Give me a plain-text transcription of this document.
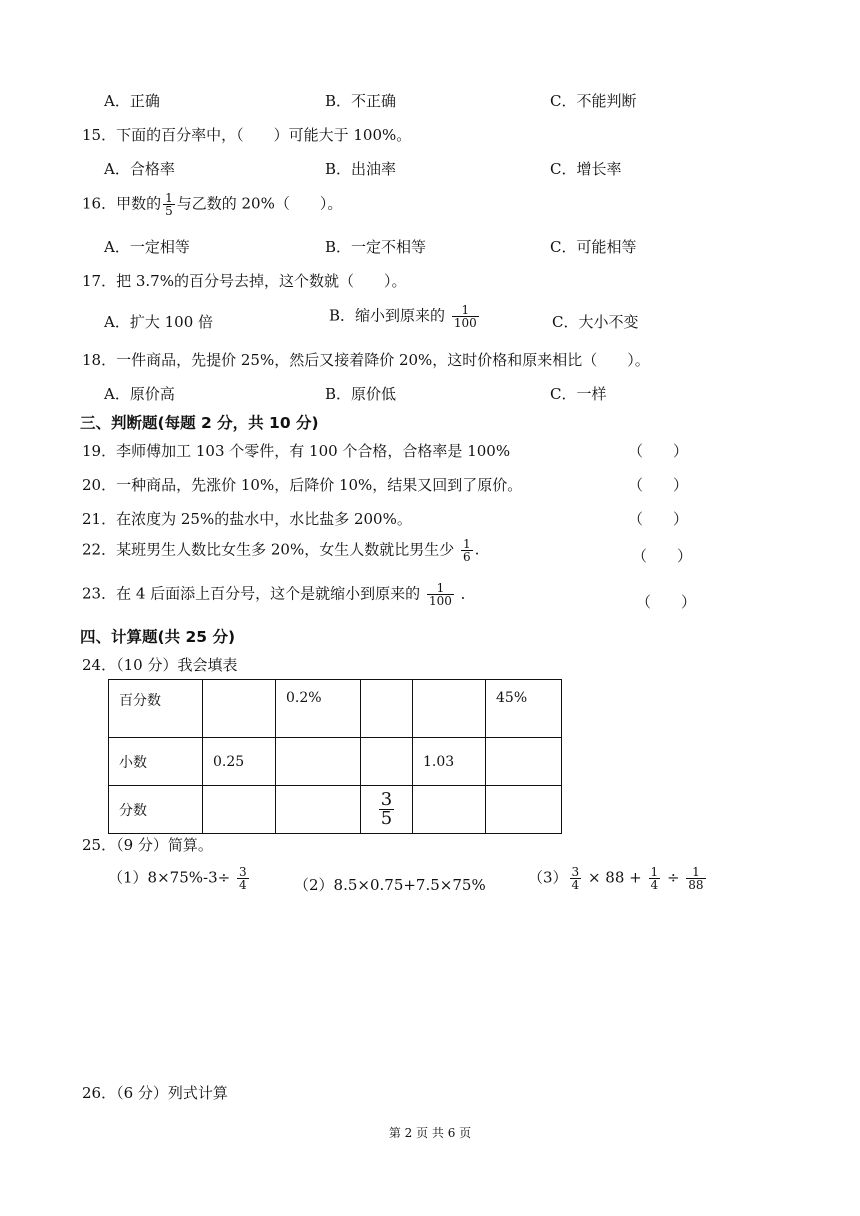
A．正确	B．不正确	C．不能判断
15．下面的百分率中，（　　）可能大于 100%。
A．合格率	B．出油率	C．增长率
16．甲数的 $\frac{1}{5}$ 与乙数的 20%（　　）。
A．一定相等	B．一定不相等	C．可能相等
17．把 3.7%的百分号去掉，这个数就（　　）。
A．扩大 100 倍	B．缩小到原来的 $\frac{1}{100}$	C．大小不变
18．一件商品，先提价 25%，然后又接着降价 20%，这时价格和原来相比（　　）。
A．原价高	B．原价低	C．一样
三、判断题(每题 2 分，共 10 分)
19．李师傅加工 103 个零件，有 100 个合格，合格率是 100%	（　　）
20．一种商品，先涨价 10%，后降价 10%，结果又回到了原价。	（　　）
21．在浓度为 25%的盐水中，水比盐多 200%。	（　　）
22．某班男生人数比女生多 20%，女生人数就比男生少 $\frac{1}{6}$ .	（　　）
23．在 4 后面添上百分号，这个是就缩小到原来的 $\frac{1}{100}$ ．	（　　）
四、计算题(共 25 分)
24．（10 分）我会填表
百分数		0.2%			45%
小数	0.25			1.03	
分数			$\frac{3}{5}$

25．（9 分）简算。
$(1)8\times 75\%-3\div \frac{3}{4}$	（2）8.5×0.75+7.5×75%	$(3) \frac{3}{4} \times 88 + \frac{1}{4} \div \frac{1}{88}$
26．（6 分）列式计算
第 2 页 共 6 页
